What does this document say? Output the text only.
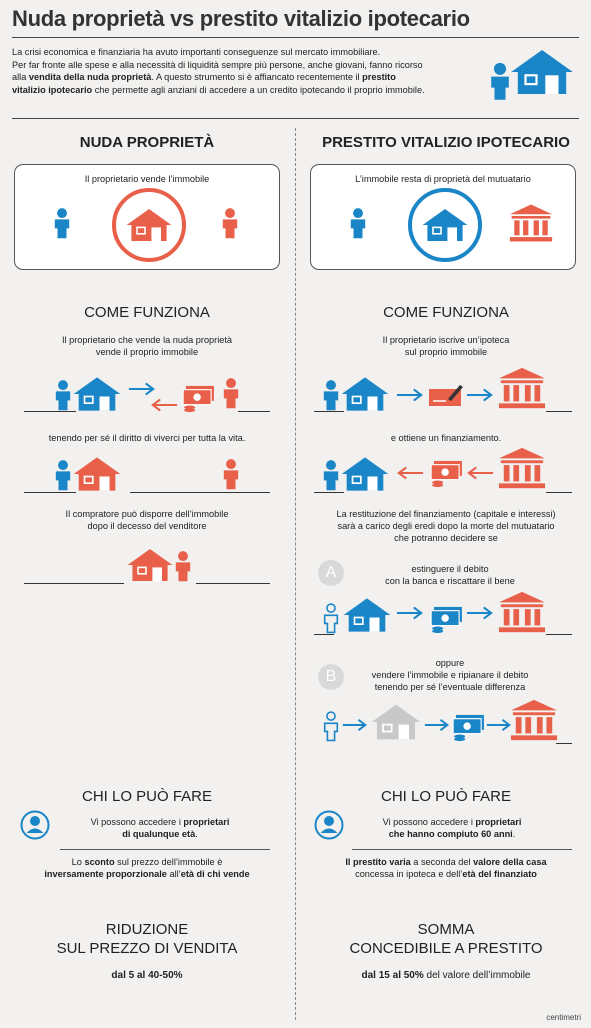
Nuda proprietà vs prestito vitalizio ipotecario
La crisi economica e finanziaria ha avuto importanti conseguenze sul mercato immobiliare.
Per far fronte alle spese e alla necessità di liquidità sempre più persone, anche giovani, fanno ricorso
alla vendita della nuda proprietà. A questo strumento si è affiancato recentemente il prestito
vitalizio ipotecario che permette agli anziani di accedere a un credito ipotecando il proprio immobile.
NUDA PROPRIETÀ
Il proprietario vende l’immobile
COME FUNZIONA
Il proprietario che vende la nuda proprietà
vende il proprio immobile
tenendo per sé il diritto di viverci per tutta la vita.
Il compratore può disporre dell’immobile
dopo il decesso del venditore
CHI LO PUÒ FARE
Vi possono accedere i proprietari
di qualunque età.
Lo sconto sul prezzo dell’immobile è
inversamente proporzionale all’età di chi vende
RIDUZIONE
SUL PREZZO DI VENDITA
dal 5 al 40-50%
PRESTITO VITALIZIO IPOTECARIO
L’immobile resta di proprietà del mutuatario
COME FUNZIONA
Il proprietario iscrive un’ipoteca
sul proprio immobile
e ottiene un finanziamento.
La restituzione del finanziamento (capitale e interessi)
sarà a carico degli eredi dopo la morte del mutuatario
che potranno decidere se
A	estinguere il debito
con la banca e riscattare il bene
B
oppure
vendere l’immobile e ripianare il debito
tenendo per sé l’eventuale differenza
CHI LO PUÒ FARE
Vi possono accedere i proprietari
che hanno compiuto 60 anni.
Il prestito varia a seconda del valore della casa
concessa in ipoteca e dell’età del finanziato
SOMMA
CONCEDIBILE A PRESTITO
dal 15 al 50% del valore dell’immobile
centimetri
